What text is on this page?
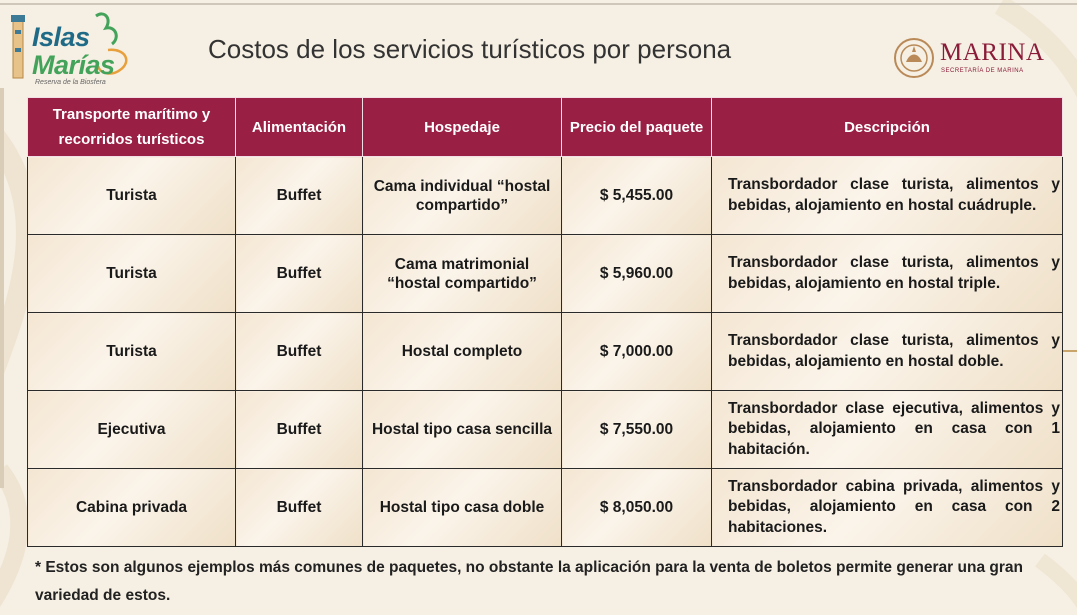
Islas
Marías
Reserva de la Biosfera
Costos de los servicios turísticos por persona	MARINA
SECRETARÍA DE MARINA
Transporte marítimo y recorridos turísticos	Alimentación	Hospedaje	Precio del paquete	Descripción
Turista	Buffet	Cama individual “hostal compartido”	$ 5,455.00	Transbordador clase turista, alimentos y bebidas, alojamiento en hostal cuádruple.
Turista	Buffet	Cama matrimonial “hostal compartido”	$ 5,960.00	Transbordador clase turista, alimentos y bebidas, alojamiento en hostal triple.
Turista	Buffet	Hostal completo	$ 7,000.00	Transbordador clase turista, alimentos y bebidas, alojamiento en hostal doble.
Ejecutiva	Buffet	Hostal tipo casa sencilla	$ 7,550.00	Transbordador clase ejecutiva, alimentos y bebidas, alojamiento en casa con 1 habitación.
Cabina privada	Buffet	Hostal tipo casa doble	$ 8,050.00	Transbordador cabina privada, alimentos y bebidas, alojamiento en casa con 2 habitaciones.
* Estos son algunos ejemplos más comunes de paquetes, no obstante la aplicación para la venta de boletos permite generar una gran variedad de estos.
